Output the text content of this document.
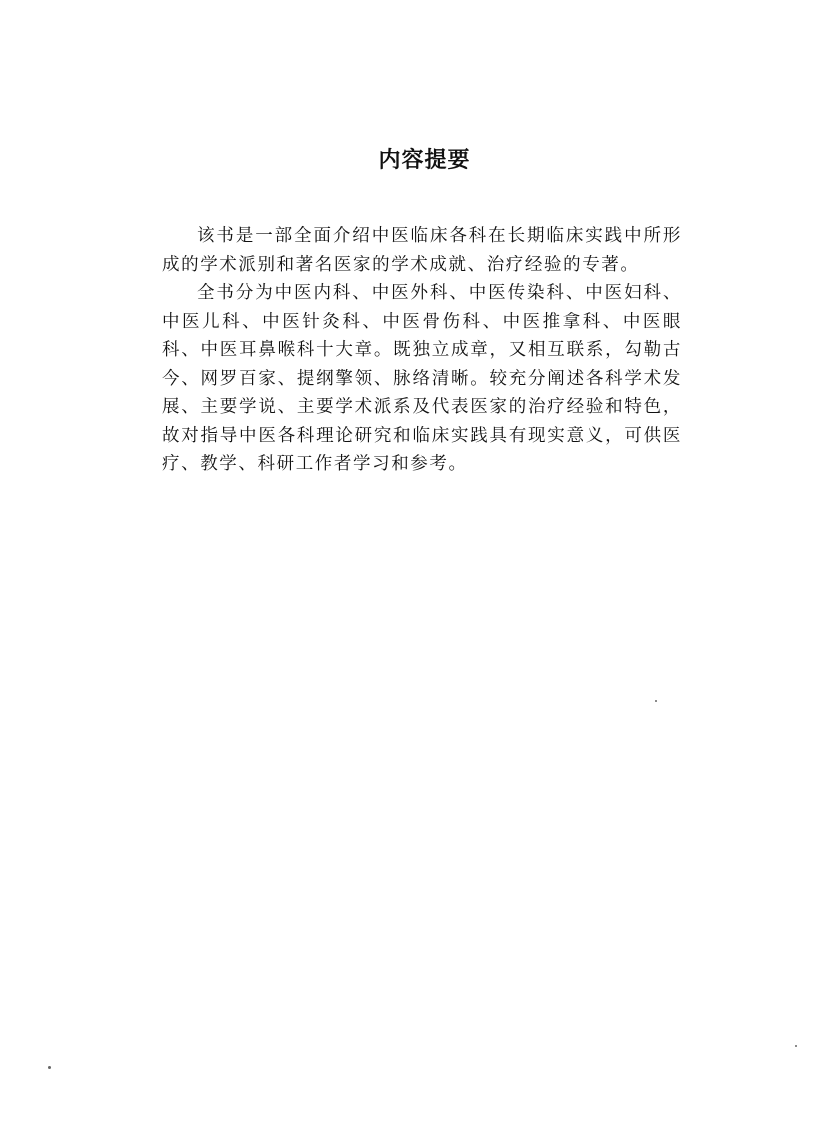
内容提要

该书是一部全面介绍中医临床各科在长期临床实践中所形成的学术派别和著名医家的学术成就、治疗经验的专著。

全书分为中医内科、中医外科、中医传染科、中医妇科、中医儿科、中医针灸科、中医骨伤科、中医推拿科、中医眼科、中医耳鼻喉科十大章。既独立成章，又相互联系，勾勒古今、网罗百家、提纲擎领、脉络清晰。较充分阐述各科学术发展、主要学说、主要学术派系及代表医家的治疗经验和特色，故对指导中医各科理论研究和临床实践具有现实意义，可供医疗、教学、科研工作者学习和参考。
